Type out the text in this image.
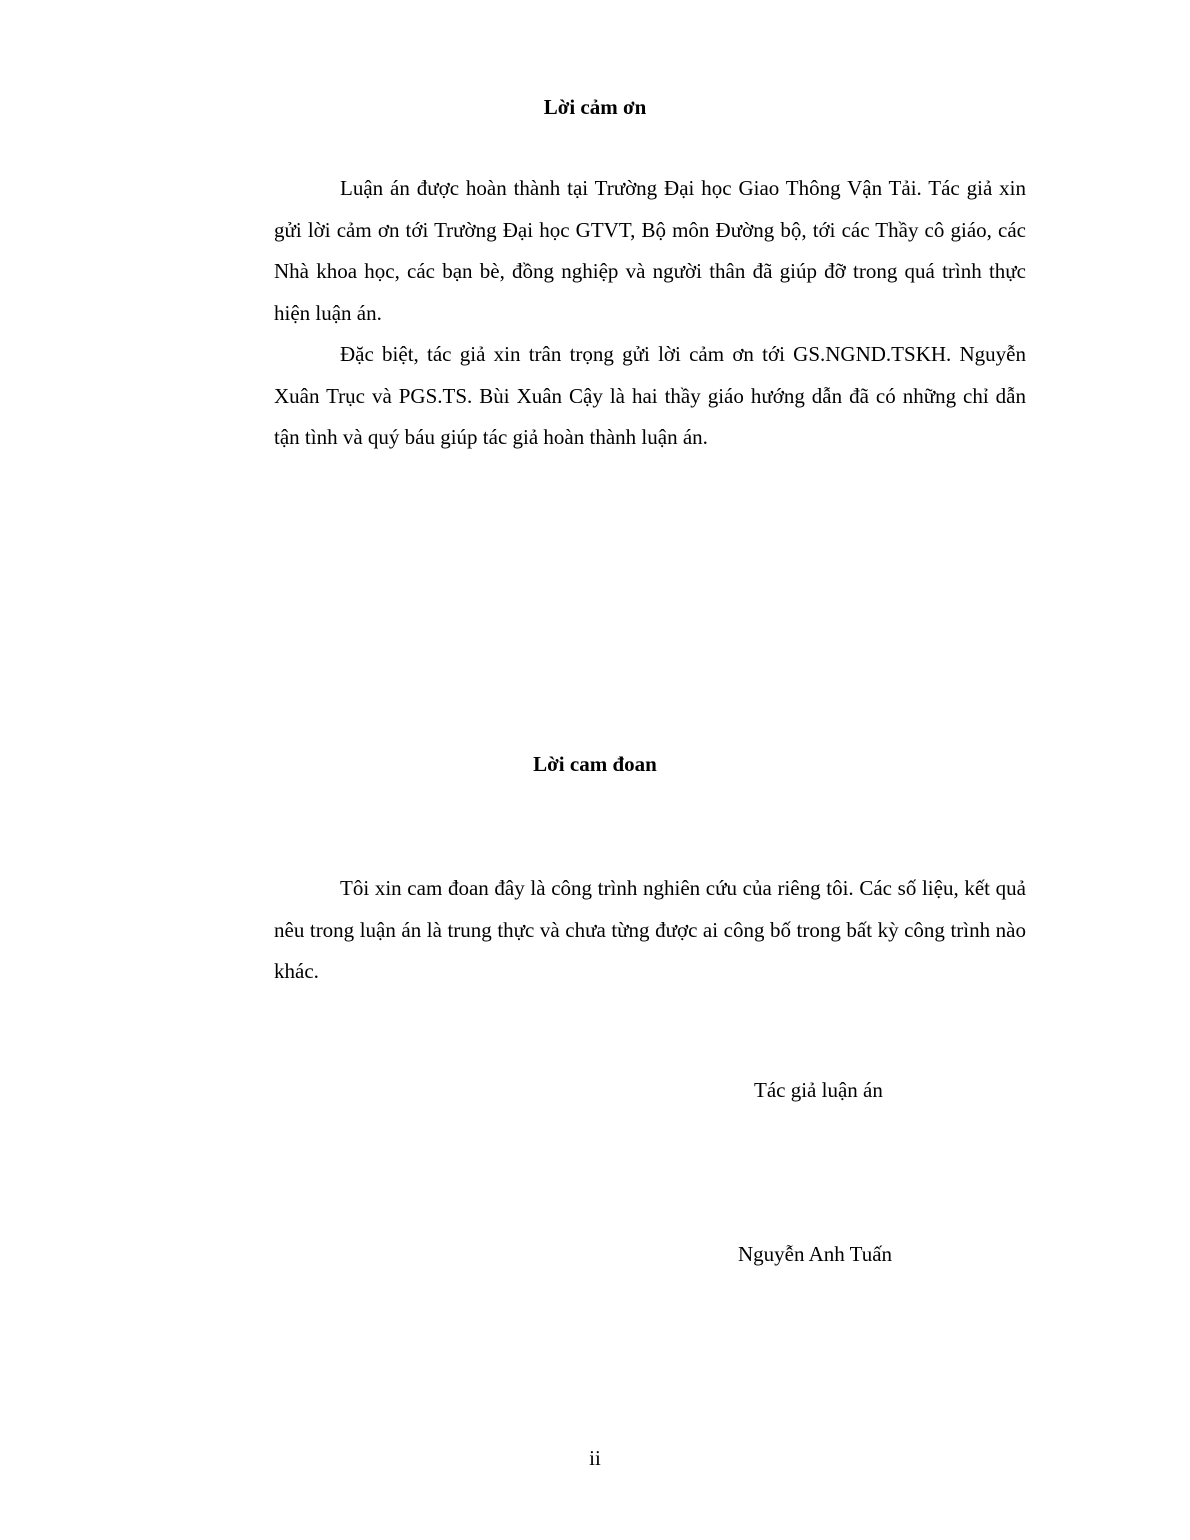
Lời cảm ơn

Luận án được hoàn thành tại Trường Đại học Giao Thông Vận Tải. Tác giả xin gửi lời cảm ơn tới Trường Đại học GTVT, Bộ môn Đường bộ, tới các Thầy cô giáo, các Nhà khoa học, các bạn bè, đồng nghiệp và người thân đã giúp đỡ trong quá trình thực hiện luận án.

Đặc biệt, tác giả xin trân trọng gửi lời cảm ơn tới GS.NGND.TSKH. Nguyễn Xuân Trục và PGS.TS. Bùi Xuân Cậy là hai thầy giáo hướng dẫn đã có những chỉ dẫn tận tình và quý báu giúp tác giả hoàn thành luận án.

Lời cam đoan

Tôi xin cam đoan đây là công trình nghiên cứu của riêng tôi. Các số liệu, kết quả nêu trong luận án là trung thực và chưa từng được ai công bố trong bất kỳ công trình nào khác.

Tác giả luận án

Nguyễn Anh Tuấn

ii
